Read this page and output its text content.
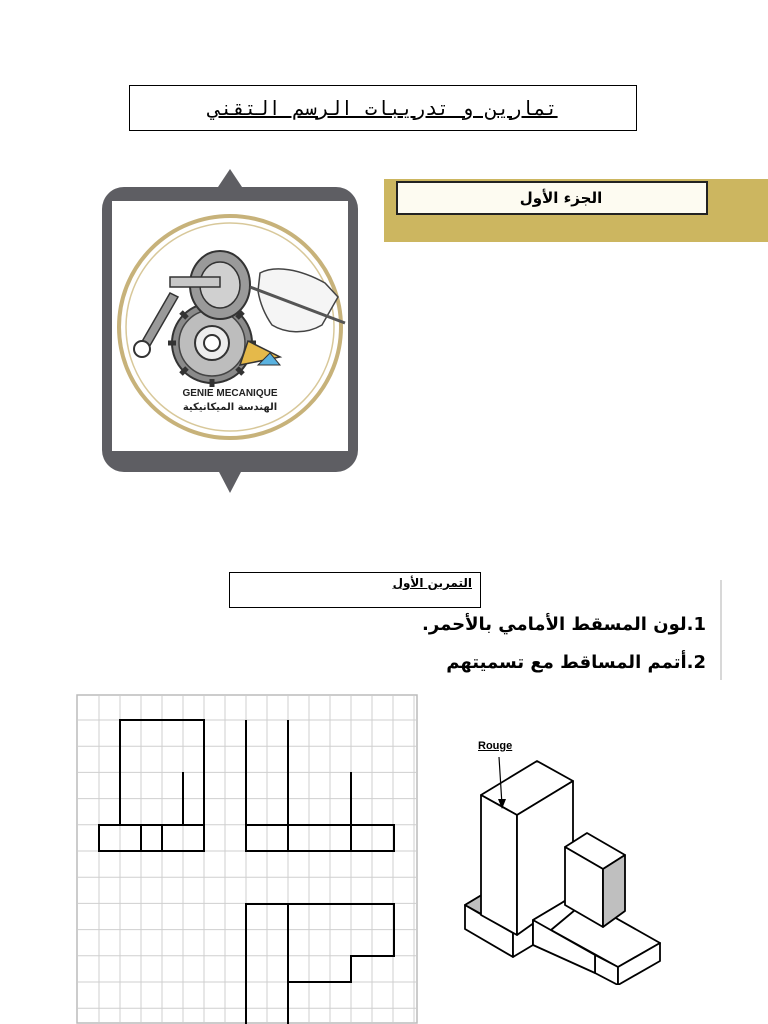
تمارين و تدريبات الرسم التقني
GENIE MECANIQUE
الهندسة الميكانيكية
الجزء الأول
التمرين الأول
1.لون المسقط الأمامي بالأحمر.
2.أتمم المساقط مع تسميتهم
Rouge
